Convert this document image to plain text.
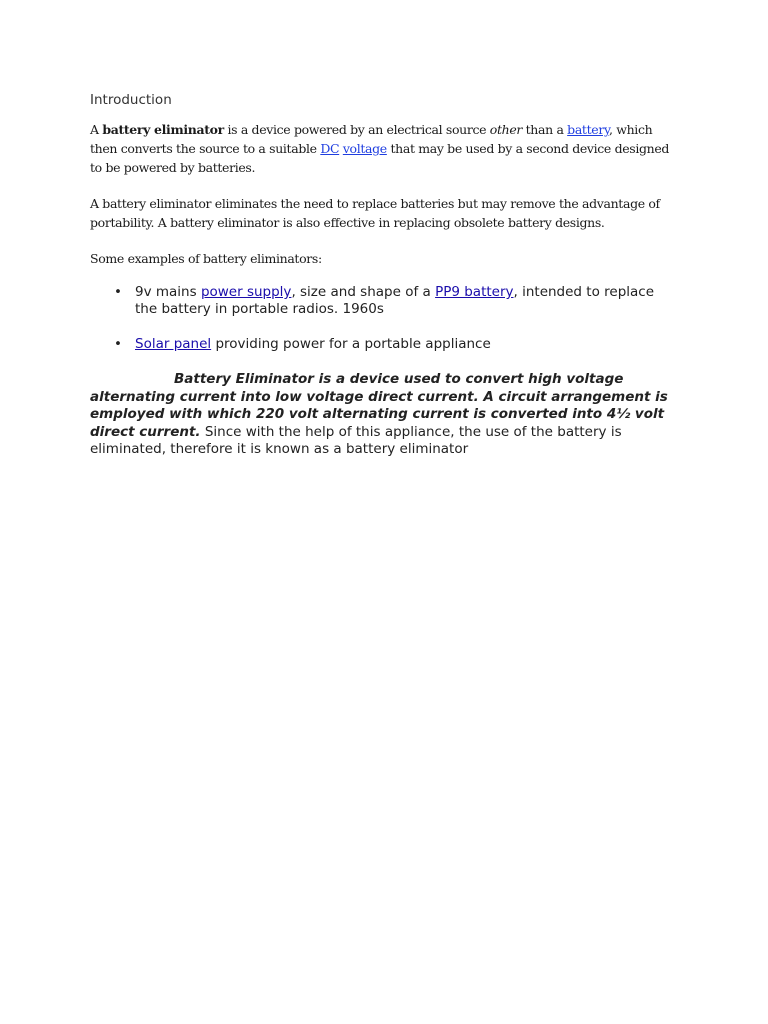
Introduction

A battery eliminator is a device powered by an electrical source other than a battery, which then converts the source to a suitable DC voltage that may be used by a second device designed to be powered by batteries.

A battery eliminator eliminates the need to replace batteries but may remove the advantage of portability. A battery eliminator is also effective in replacing obsolete battery designs.

Some examples of battery eliminators:

• 9v mains power supply, size and shape of a PP9 battery, intended to replace the battery in portable radios. 1960s
• Solar panel providing power for a portable appliance

Battery Eliminator is a device used to convert high voltage alternating current into low voltage direct current. A circuit arrangement is employed with which 220 volt alternating current is converted into 4½ volt direct current. Since with the help of this appliance, the use of the battery is eliminated, therefore it is known as a battery eliminator
